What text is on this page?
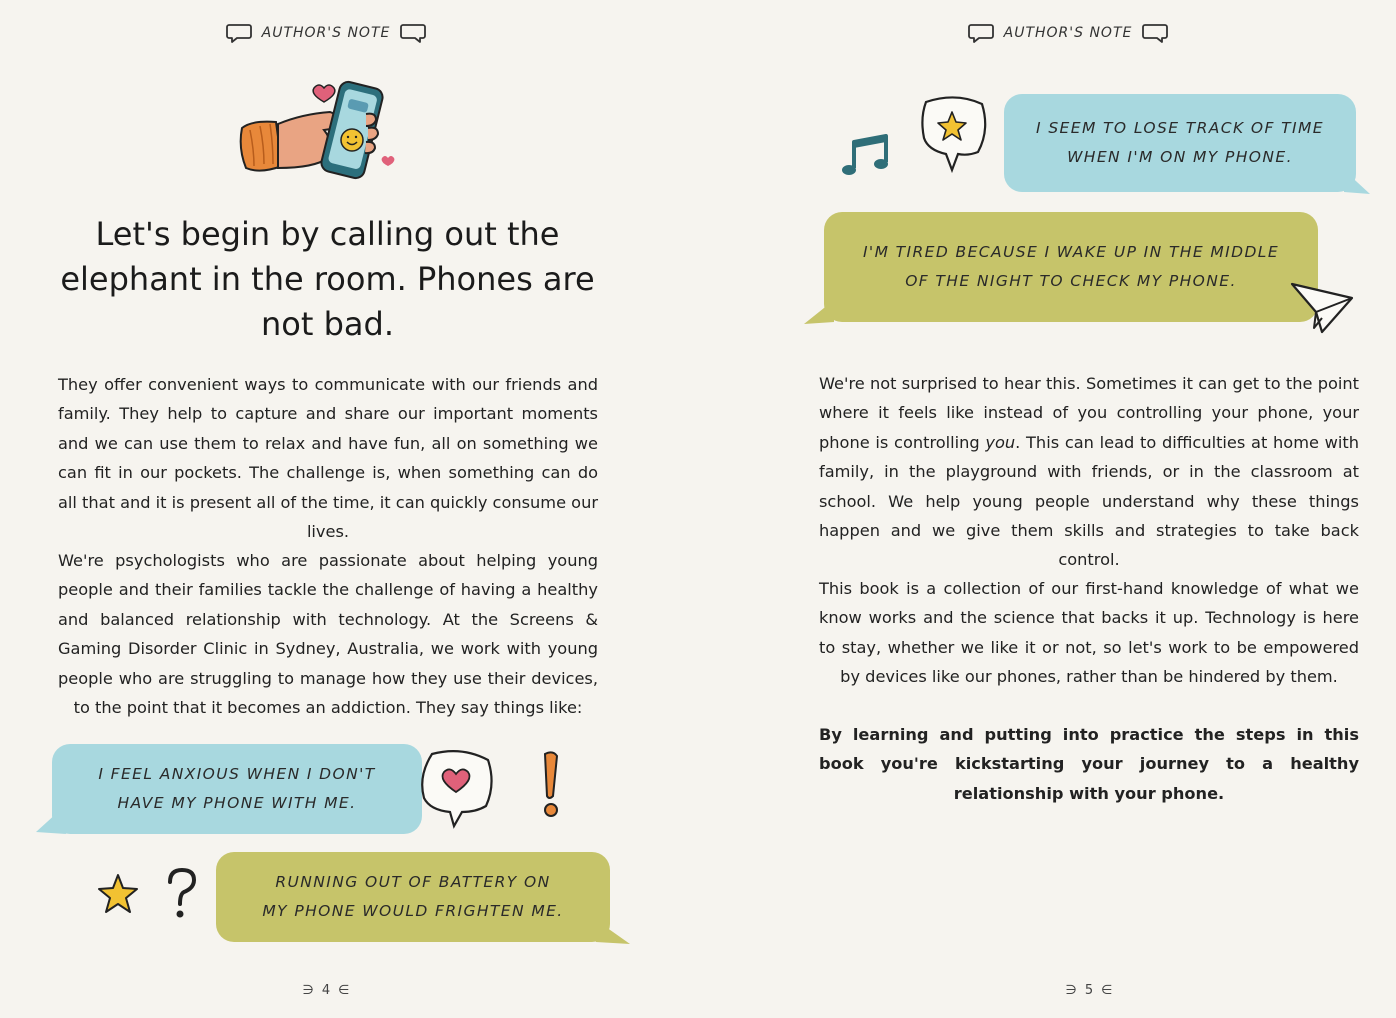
AUTHOR'S NOTE
Let's begin by calling out the elephant in the room. Phones are not bad.

They offer convenient ways to communicate with our friends and family. They help to capture and share our important moments and we can use them to relax and have fun, all on something we can fit in our pockets. The challenge is, when something can do all that and it is present all of the time, it can quickly consume our lives.

We're psychologists who are passionate about helping young people and their families tackle the challenge of having a healthy and balanced relationship with technology. At the Screens & Gaming Disorder Clinic in Sydney, Australia, we work with young people who are struggling to manage how they use their devices, to the point that it becomes an addiction. They say things like:

I FEEL ANXIOUS WHEN I DON'T
HAVE MY PHONE WITH ME.
RUNNING OUT OF BATTERY ON
MY PHONE WOULD FRIGHTEN ME.
∋4∈
AUTHOR'S NOTE
I SEEM TO LOSE TRACK OF TIME
WHEN I'M ON MY PHONE.
I'M TIRED BECAUSE I WAKE UP IN THE MIDDLE
OF THE NIGHT TO CHECK MY PHONE.

We're not surprised to hear this. Sometimes it can get to the point where it feels like instead of you controlling your phone, your phone is controlling you. This can lead to difficulties at home with family, in the playground with friends, or in the classroom at school. We help young people understand why these things happen and we give them skills and strategies to take back control.

This book is a collection of our first-hand knowledge of what we know works and the science that backs it up. Technology is here to stay, whether we like it or not, so let's work to be empowered by devices like our phones, rather than be hindered by them.

By learning and putting into practice the steps in this book you're kickstarting your journey to a healthy relationship with your phone.

∋5∈
